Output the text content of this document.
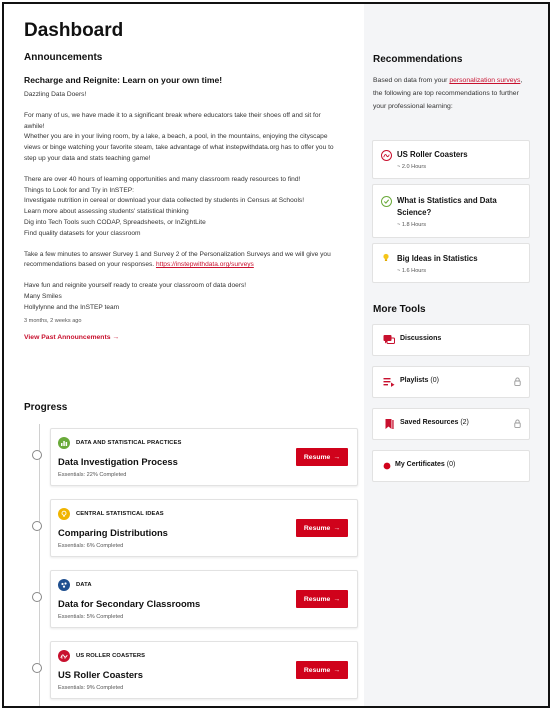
Dashboard
Announcements
Recharge and Reignite: Learn on your own time!

Dazzling Data Doers!

For many of us, we have made it to a significant break where educators take their shoes off and sit for awhile!

Whether you are in your living room, by a lake, a beach, a pool, in the mountains, enjoying the cityscape views or binge watching your favorite steam, take advantage of what instepwithdata.org has to offer you to step up your data and stats teaching game!

There are over 40 hours of learning opportunities and many classroom ready resources to find!

Things to Look for and Try in InSTEP:

Investigate nutrition in cereal or download your data collected by students in Census at Schools!

Learn more about assessing students' statistical thinking

Dig into Tech Tools such CODAP, Spreadsheets, or InZightLite

Find quality datasets for your classroom

Take a few minutes to answer Survey 1 and Survey 2 of the Personalization Surveys and we will give you recommendations based on your responses. https://instepwithdata.org/surveys

Have fun and reignite yourself ready to create your classroom of data doers!

Many Smiles

Hollylynne and the InSTEP team

3 months, 2 weeks ago
View Past Announcements →
Progress
DATA AND STATISTICAL PRACTICES
Data Investigation Process
Essentials: 22% Completed
Resume →
CENTRAL STATISTICAL IDEAS
Comparing Distributions
Essentials: 6% Completed
Resume →
DATA
Data for Secondary Classrooms
Essentials: 5% Completed
Resume →
US ROLLER COASTERS
US Roller Coasters
Essentials: 9% Completed
Resume →
Recommendations
Based on data from your personalization surveys, the following are top recommendations to further your professional learning:
US Roller Coasters
~ 2.0 Hours
What is Statistics and Data Science?
~ 1.8 Hours
Big Ideas in Statistics
~ 1.6 Hours
More Tools
Discussions
Playlists (0)
Saved Resources (2)
My Certificates (0)
